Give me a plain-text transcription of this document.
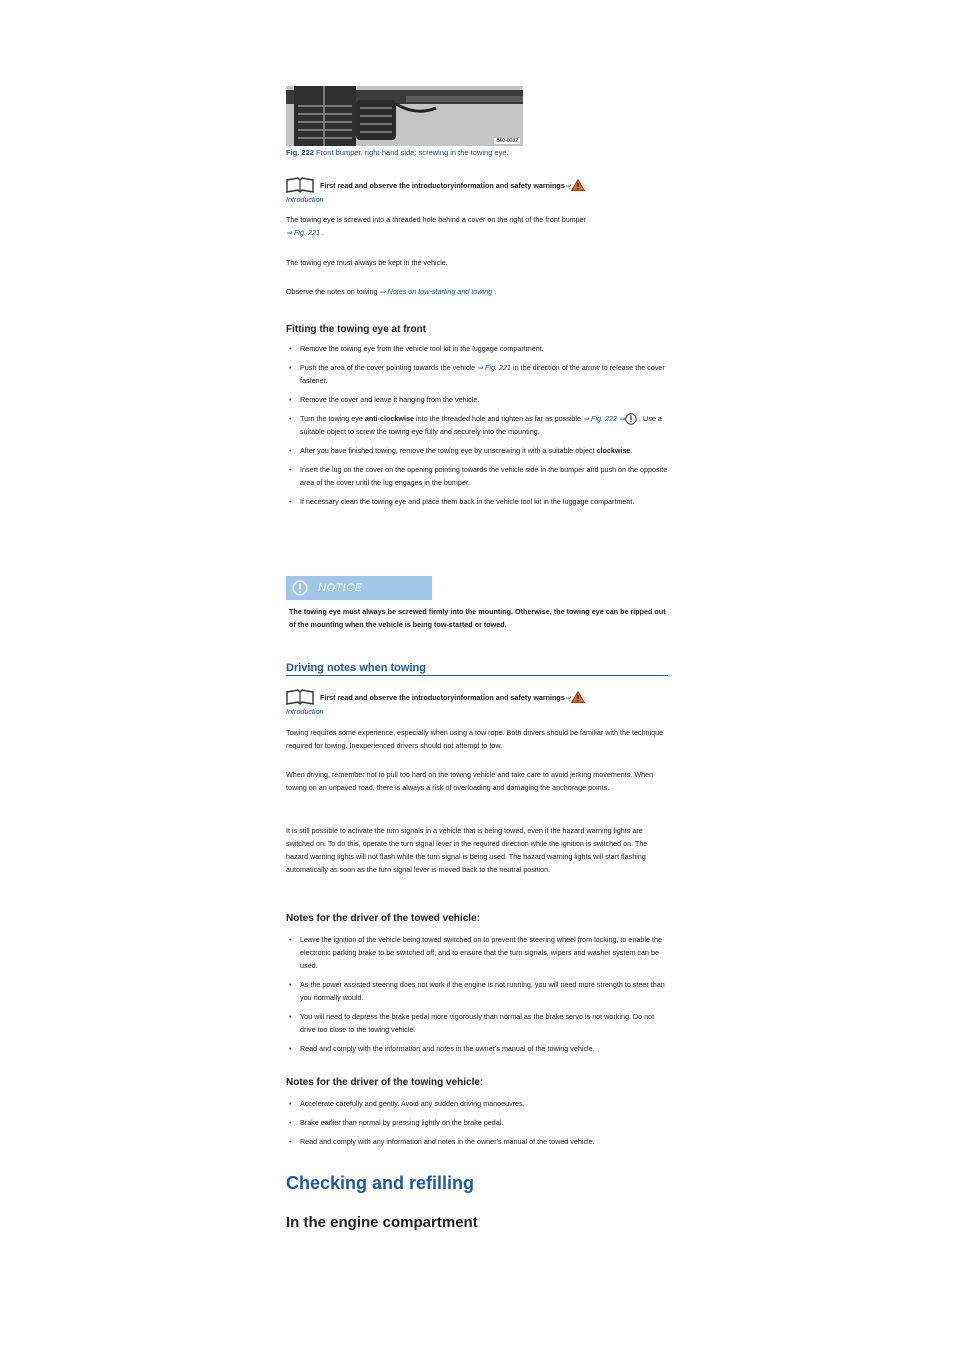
B60-0032
Fig. 222 Front bumper, right-hand side: screwing in the towing eye.
First read and observe the introductoryinformation and safety warnings ⇒
Introduction
The towing eye is screwed into a threaded hole behind a cover on the right of the front bumper
⇒ Fig. 221 .
The towing eye must always be kept in the vehicle.
Observe the notes on towing ⇒ Notes on tow-starting and towing .
Fitting the towing eye at front
• Remove the towing eye from the vehicle tool kit in the luggage compartment.
• Push the area of the cover pointing towards the vehicle ⇒ Fig. 221 in the direction of the arrow to release the cover fastener.
• Remove the cover and leave it hanging from the vehicle.
• Turn the towing eye anti-clockwise into the threaded hole and tighten as far as possible ⇒ Fig. 222 ⇒ . Use a suitable object to screw the towing eye fully and securely into the mounting.
• After you have finished towing, remove the towing eye by unscrewing it with a suitable object clockwise.
• Insert the lug on the cover on the opening pointing towards the vehicle side in the bumper and push on the opposite area of the cover until the lug engages in the bumper.
• If necessary clean the towing eye and place them back in the vehicle tool kit in the luggage compartment.
NOTICE
The towing eye must always be screwed firmly into the mounting. Otherwise, the towing eye can be ripped out of the mounting when the vehicle is being tow-started or towed.
Driving notes when towing
First read and observe the introductoryinformation and safety warnings ⇒
Introduction
Towing requires some experience, especially when using a tow rope. Both drivers should be familiar with the technique required for towing. Inexperienced drivers should not attempt to tow.
When driving, remember not to pull too hard on the towing vehicle and take care to avoid jerking movements. When towing on an unpaved road, there is always a risk of overloading and damaging the anchorage points.
It is still possible to activate the turn signals in a vehicle that is being towed, even if the hazard warning lights are switched on. To do this, operate the turn signal lever in the required direction while the ignition is switched on. The hazard warning lights will not flash while the turn signal is being used. The hazard warning lights will start flashing automatically as soon as the turn signal lever is moved back to the neutral position.
Notes for the driver of the towed vehicle:
• Leave the ignition of the vehicle being towed switched on to prevent the steering wheel from locking, to enable the electronic parking brake to be switched off, and to ensure that the turn signals, wipers and washer system can be used.
• As the power assisted steering does not work if the engine is not running, you will need more strength to steer than you normally would.
• You will need to depress the brake pedal more vigorously than normal as the brake servo is not working. Do not drive too close to the towing vehicle.
• Read and comply with the information and notes in the owner's manual of the towing vehicle.
Notes for the driver of the towing vehicle:
• Accelerate carefully and gently. Avoid any sudden driving manoeuvres.
• Brake earlier than normal by pressing lightly on the brake pedal.
• Read and comply with any information and notes in the owner's manual of the towed vehicle.
Checking and refilling
In the engine compartment
